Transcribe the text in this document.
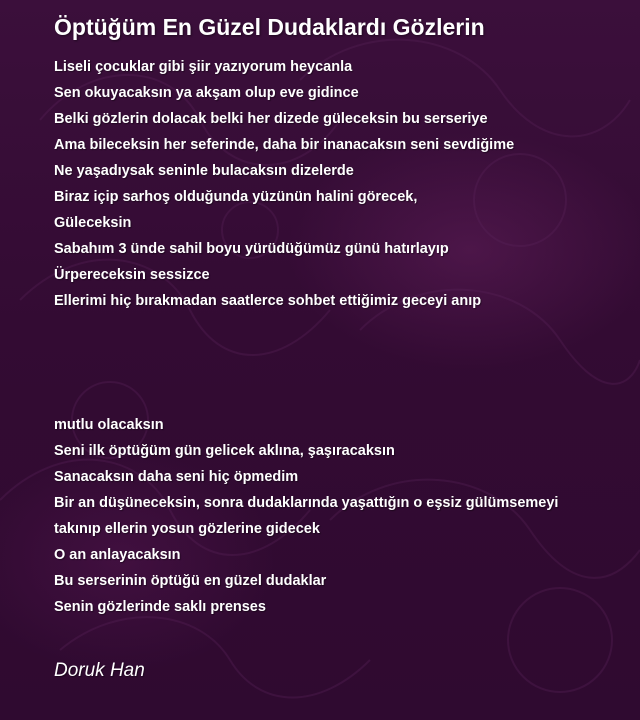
Öptüğüm En Güzel Dudaklardı Gözlerin
Liseli çocuklar gibi şiir yazıyorum heycanla
Sen okuyacaksın ya akşam olup eve gidince
Belki gözlerin dolacak belki her dizede güleceksin bu serseriye
Ama bileceksin her seferinde, daha bir inanacaksın seni sevdiğime
Ne yaşadıysak seninle bulacaksın dizelerde
Biraz içip sarhoş olduğunda yüzünün halini görecek,
Güleceksin
Sabahım 3 ünde sahil boyu yürüdüğümüz günü hatırlayıp
Ürpereceksin sessizce
Ellerimi hiç bırakmadan saatlerce sohbet ettiğimiz geceyi anıp
mutlu olacaksın
Seni ilk öptüğüm gün gelicek aklına, şaşıracaksın
Sanacaksın daha seni hiç öpmedim
Bir an düşüneceksin, sonra dudaklarında yaşattığın o eşsiz gülümsemeyi
takınıp ellerin yosun gözlerine gidecek
O an anlayacaksın
Bu serserinin öptüğü en güzel dudaklar
Senin gözlerinde saklı prenses

Doruk Han
